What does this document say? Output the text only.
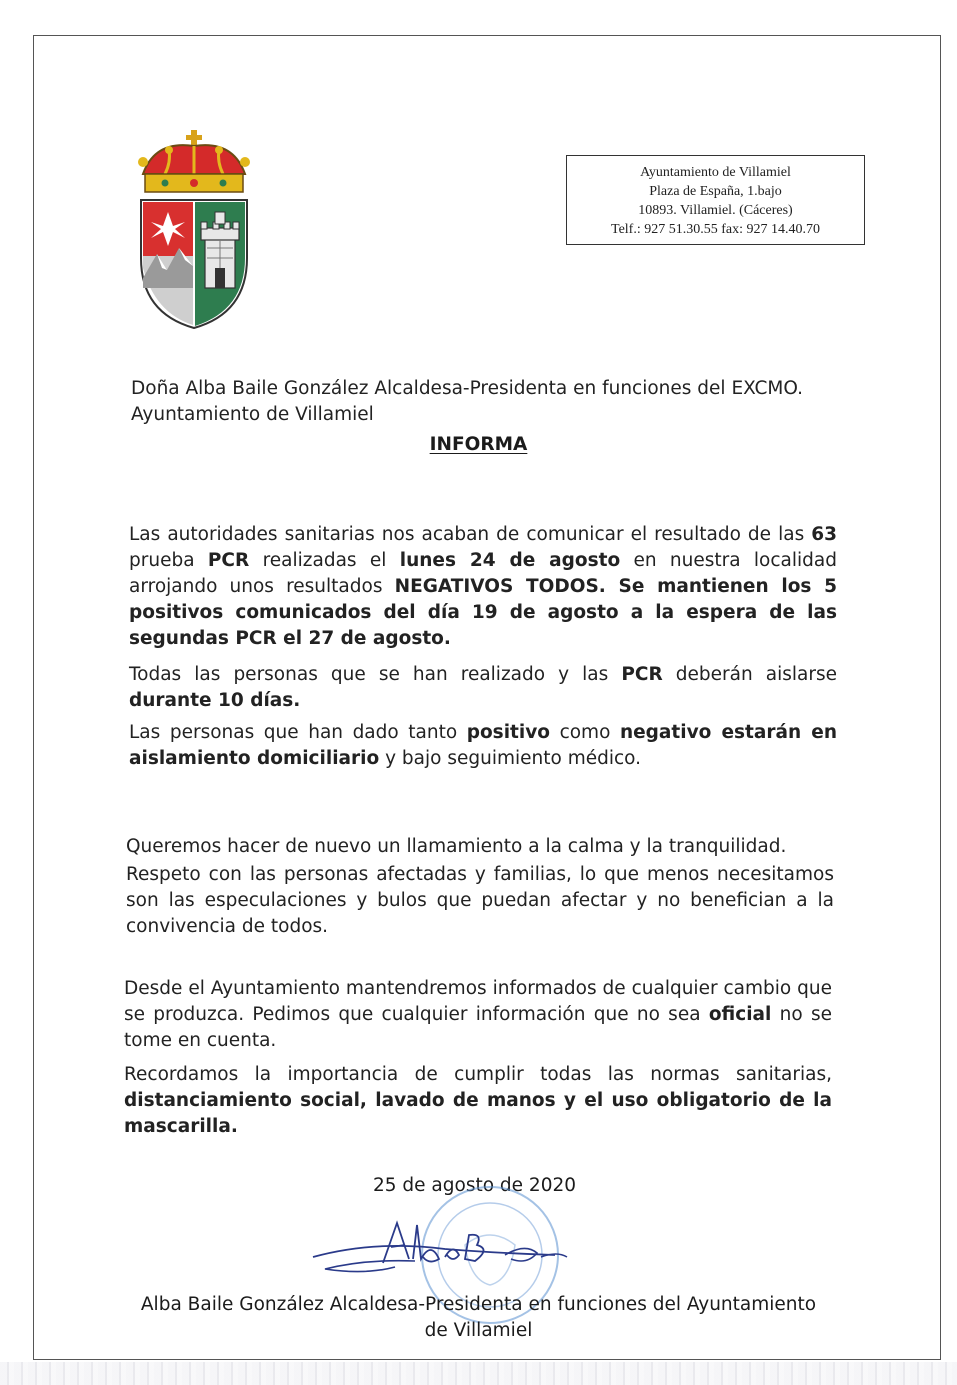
Ayuntamiento de Villamiel
Plaza de España, 1.bajo
10893. Villamiel. (Cáceres)
Telf.: 927 51.30.55 fax: 927 14.40.70
Doña Alba Baile González Alcaldesa-Presidenta en funciones del EXCMO. Ayuntamiento de Villamiel
INFORMA
Las autoridades sanitarias nos acaban de comunicar el resultado de las 63 prueba PCR realizadas el lunes 24 de agosto en nuestra localidad arrojando unos resultados NEGATIVOS TODOS. Se mantienen los 5 positivos comunicados del día 19 de agosto a la espera de las segundas PCR el 27 de agosto.
Todas las personas que se han realizado y las PCR deberán aislarse durante 10 días.
Las personas que han dado tanto positivo como negativo estarán en aislamiento domiciliario y bajo seguimiento médico.
Queremos hacer de nuevo un llamamiento a la calma y la tranquilidad.
Respeto con las personas afectadas y familias, lo que menos necesitamos son las especulaciones y bulos que puedan afectar y no benefician a la convivencia de todos.
Desde el Ayuntamiento mantendremos informados de cualquier cambio que se produzca. Pedimos que cualquier información que no sea oficial no se tome en cuenta.
Recordamos la importancia de cumplir todas las normas sanitarias, distanciamiento social, lavado de manos y el uso obligatorio de la mascarilla.
25 de agosto de 2020
Alba Baile González Alcaldesa-Presidenta en funciones del Ayuntamiento
de Villamiel
